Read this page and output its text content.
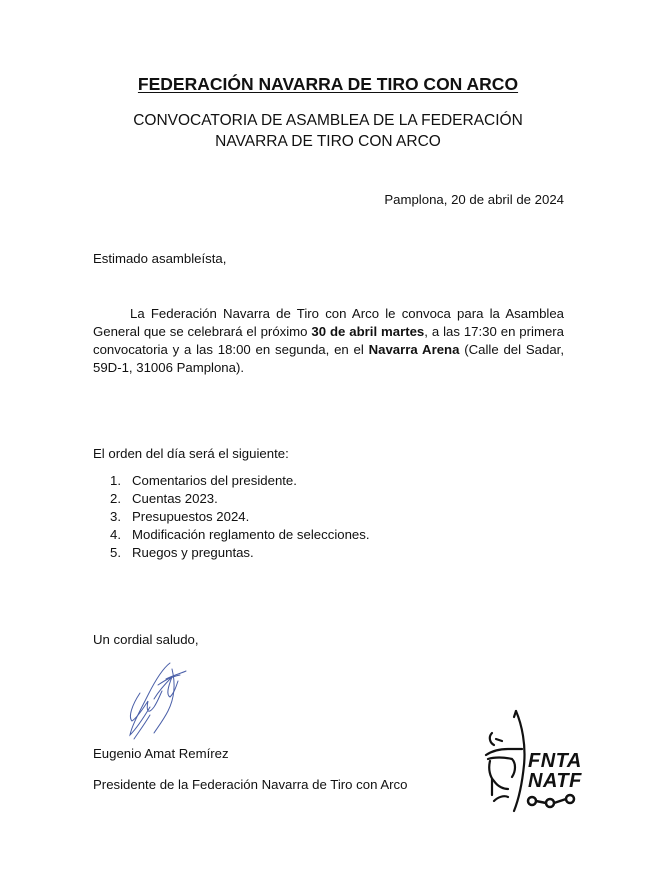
FEDERACIÓN NAVARRA DE TIRO CON ARCO
CONVOCATORIA DE ASAMBLEA DE LA FEDERACIÓN
NAVARRA DE TIRO CON ARCO
Pamplona, 20 de abril de 2024
Estimado asambleísta,
La Federación Navarra de Tiro con Arco le convoca para la Asamblea General que se celebrará el próximo 30 de abril martes, a las 17:30 en primera convocatoria y a las 18:00 en segunda, en el Navarra Arena (Calle del Sadar, 59D-1, 31006 Pamplona).
El orden del día será el siguiente:
1. Comentarios del presidente.
2. Cuentas 2023.
3. Presupuestos 2024.
4. Modificación reglamento de selecciones.
5. Ruegos y preguntas.
Un cordial saludo,
Eugenio Amat Remírez
Presidente de la Federación Navarra de Tiro con Arco
FNTA
NATF
